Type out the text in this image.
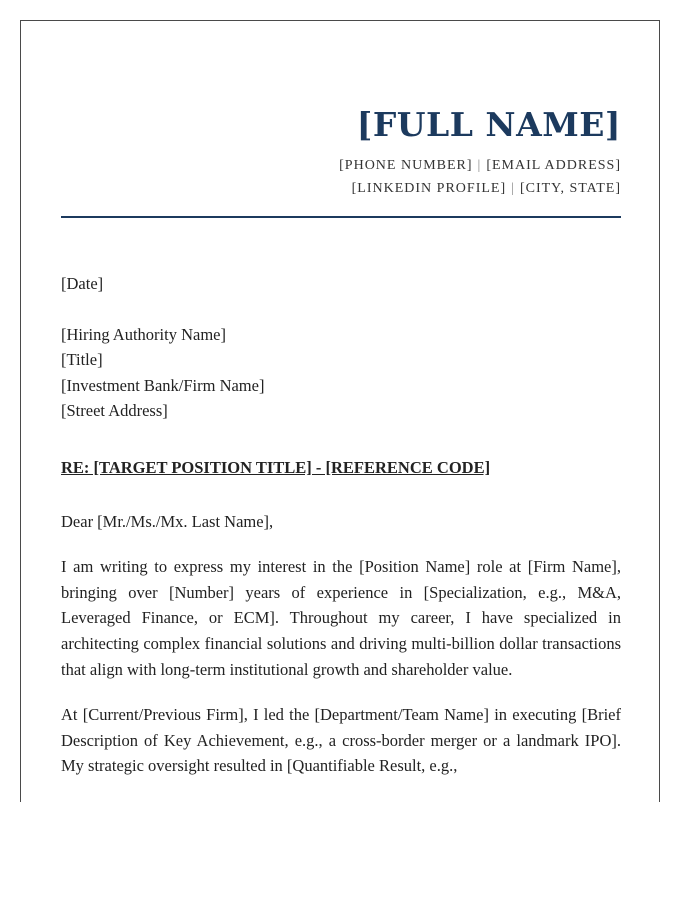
[FULL NAME]
[PHONE NUMBER] | [EMAIL ADDRESS]
[LINKEDIN PROFILE] | [CITY, STATE]
[Date]
[Hiring Authority Name]
[Title]
[Investment Bank/Firm Name]
[Street Address]
RE: [TARGET POSITION TITLE] - [REFERENCE CODE]
Dear [Mr./Ms./Mx. Last Name],

I am writing to express my interest in the [Position Name] role at [Firm Name], bringing over [Number] years of experience in [Specialization, e.g., M&A, Leveraged Finance, or ECM]. Throughout my career, I have specialized in architecting complex financial solutions and driving multi-billion dollar transactions that align with long-term institutional growth and shareholder value.

At [Current/Previous Firm], I led the [Department/Team Name] in executing [Brief Description of Key Achievement, e.g., a cross-border merger or a landmark IPO]. My strategic oversight resulted in [Quantifiable Result, e.g.,
